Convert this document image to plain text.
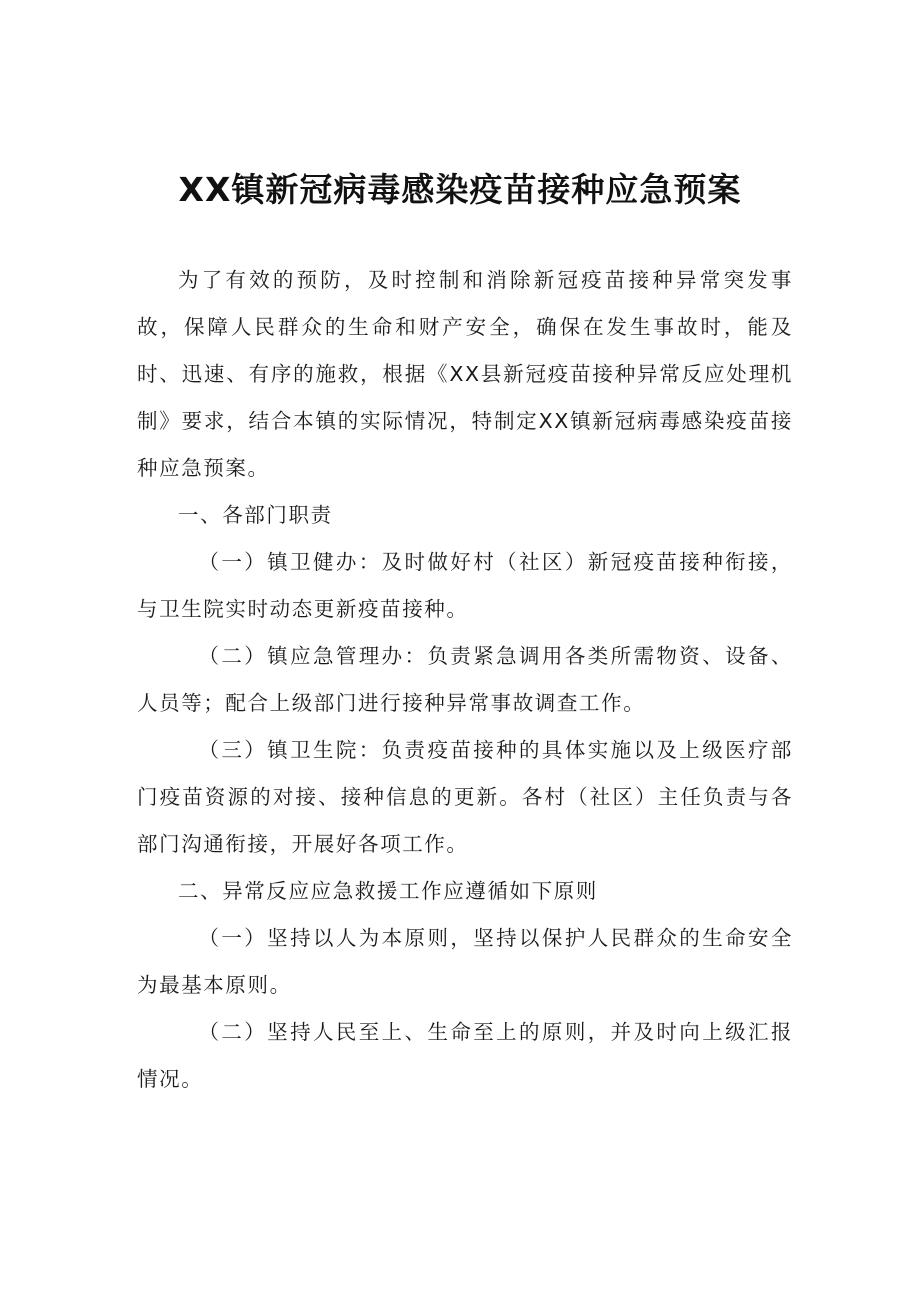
XX镇新冠病毒感染疫苗接种应急预案

为了有效的预防，及时控制和消除新冠疫苗接种异常突发事故，保障人民群众的生命和财产安全，确保在发生事故时，能及时、迅速、有序的施救，根据《XX县新冠疫苗接种异常反应处理机制》要求，结合本镇的实际情况，特制定XX镇新冠病毒感染疫苗接种应急预案。

一、各部门职责

（一）镇卫健办：及时做好村（社区）新冠疫苗接种衔接，与卫生院实时动态更新疫苗接种。

（二）镇应急管理办：负责紧急调用各类所需物资、设备、人员等；配合上级部门进行接种异常事故调查工作。

（三）镇卫生院：负责疫苗接种的具体实施以及上级医疗部门疫苗资源的对接、接种信息的更新。各村（社区）主任负责与各部门沟通衔接，开展好各项工作。

二、异常反应应急救援工作应遵循如下原则

（一）坚持以人为本原则，坚持以保护人民群众的生命安全为最基本原则。

（二）坚持人民至上、生命至上的原则，并及时向上级汇报情况。
